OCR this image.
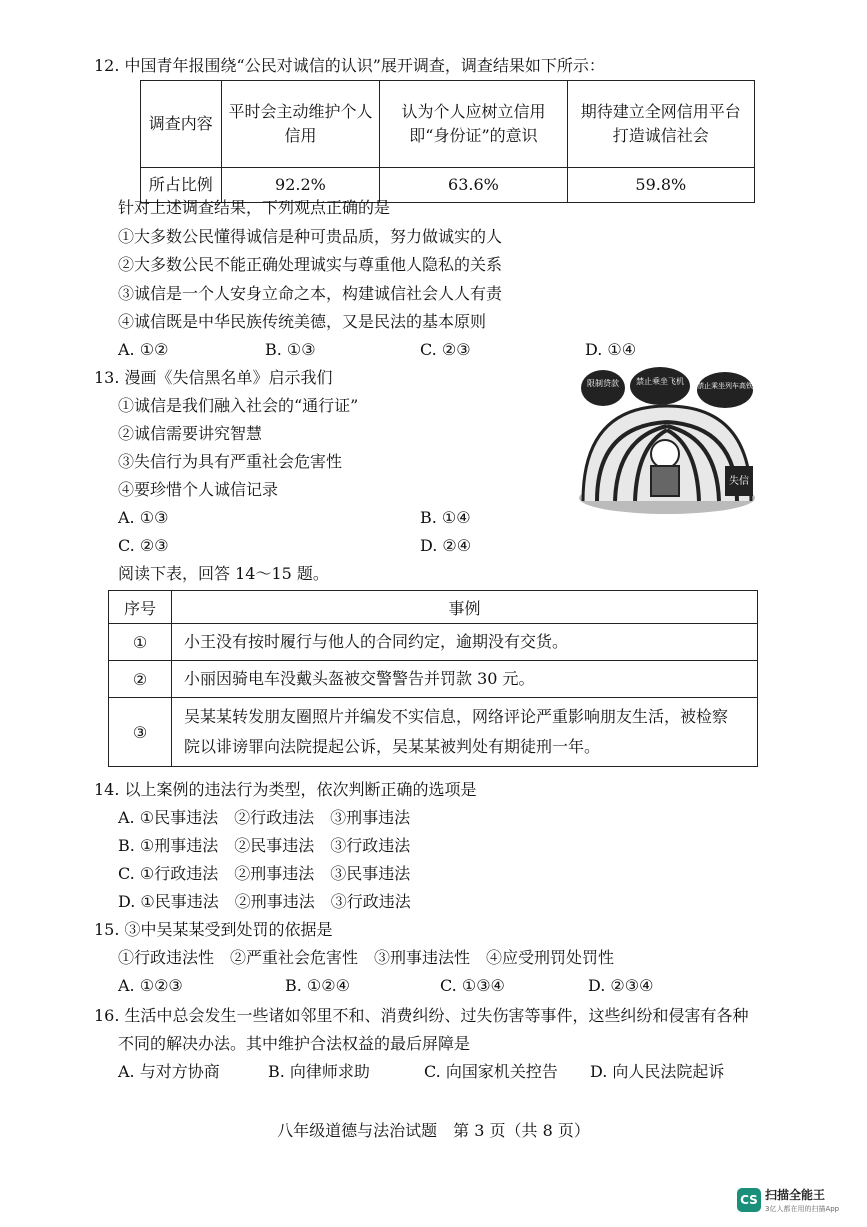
12. 中国青年报围绕“公民对诚信的认识”展开调查，调查结果如下所示：
调查内容	平时会主动维护个人信用	认为个人应树立信用即“身份证”的意识	期待建立全网信用平台打造诚信社会
所占比例	92.2%	63.6%	59.8%
针对上述调查结果，下列观点正确的是
①大多数公民懂得诚信是种可贵品质，努力做诚实的人
②大多数公民不能正确处理诚实与尊重他人隐私的关系
③诚信是一个人安身立命之本，构建诚信社会人人有责
④诚信既是中华民族传统美德，又是民法的基本原则
A. ①②	B. ①③	C. ②③	D. ①④
13. 漫画《失信黑名单》启示我们
①诚信是我们融入社会的“通行证”
②诚信需要讲究智慧
③失信行为具有严重社会危害性
④要珍惜个人诚信记录
A. ①③	B. ①④
C. ②③	D. ②④
限制贷款 禁止乘坐飞机 禁止乘坐列车高铁
失信
阅读下表，回答 14～15 题。
序号	事例
①	小王没有按时履行与他人的合同约定，逾期没有交货。
②	小丽因骑电车没戴头盔被交警警告并罚款 30 元。
③	吴某某转发朋友圈照片并编发不实信息，网络评论严重影响朋友生活，被检察
院以诽谤罪向法院提起公诉，吴某某被判处有期徒刑一年。
14. 以上案例的违法行为类型，依次判断正确的选项是
A. ①民事违法　②行政违法　③刑事违法
B. ①刑事违法　②民事违法　③行政违法
C. ①行政违法　②刑事违法　③民事违法
D. ①民事违法　②刑事违法　③行政违法
15. ③中吴某某受到处罚的依据是
①行政违法性　②严重社会危害性　③刑事违法性　④应受刑罚处罚性
A. ①②③	B. ①②④	C. ①③④	D. ②③④
16. 生活中总会发生一些诸如邻里不和、消费纠纷、过失伤害等事件，这些纠纷和侵害有各种
不同的解决办法。其中维护合法权益的最后屏障是
A. 与对方协商	B. 向律师求助	C. 向国家机关控告 D. 向人民法院起诉
八年级道德与法治试题　第 3 页（共 8 页）
CS 扫描全能王
3亿人都在用的扫描App
